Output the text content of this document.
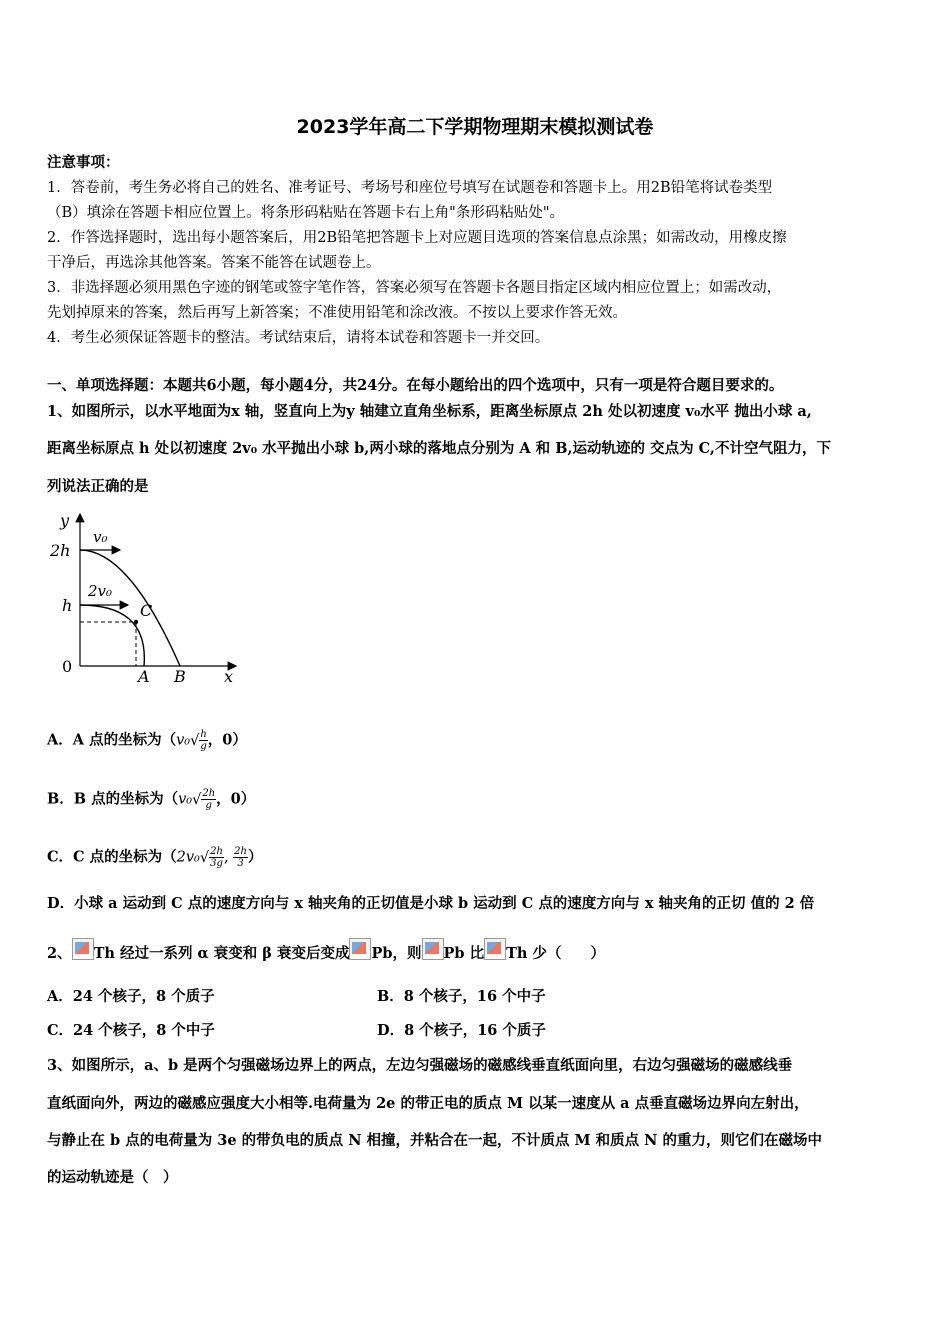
2023学年高二下学期物理期末模拟测试卷
注意事项：
1．答卷前，考生务必将自己的姓名、准考证号、考场号和座位号填写在试题卷和答题卡上。用2B铅笔将试卷类型
（B）填涂在答题卡相应位置上。将条形码粘贴在答题卡右上角"条形码粘贴处"。
2．作答选择题时，选出每小题答案后，用2B铅笔把答题卡上对应题目选项的答案信息点涂黑；如需改动，用橡皮擦
干净后，再选涂其他答案。答案不能答在试题卷上。
3．非选择题必须用黑色字迹的钢笔或签字笔作答，答案必须写在答题卡各题目指定区域内相应位置上；如需改动，
先划掉原来的答案，然后再写上新答案；不准使用铅笔和涂改液。不按以上要求作答无效。
4．考生必须保证答题卡的整洁。考试结束后，请将本试卷和答题卡一并交回。
一、单项选择题：本题共6小题，每小题4分，共24分。在每小题给出的四个选项中，只有一项是符合题目要求的。
1、如图所示，以水平地面为x 轴，竖直向上为y 轴建立直角坐标系，距离坐标原点 2h 处以初速度 v₀水平 抛出小球 a,
距离坐标原点 h 处以初速度 2v₀ 水平抛出小球 b,两小球的落地点分别为 A 和 B,运动轨迹的 交点为 C,不计空气阻力，下
列说法正确的是
y
x
0
2h
h
v₀
2v₀
C
A B
A．A 点的坐标为（$v_0√ \frac{h}{g}$ ，0）
B．B 点的坐标为（$v_0√ \frac{2h}{g}$ ，0）
C．C 点的坐标为（$2v_0√ \frac{2h}{3g}$ , $\frac{2h}{3}$ ）
D．小球 a 运动到 C 点的速度方向与 x 轴夹角的正切值是小球 b 运动到 C 点的速度方向与 x 轴夹角的正切 值的 2 倍
2、 Th 经过一系列 α 衰变和 β 衰变后变成 Pb，则 Pb 比 Th 少（　　）
A．24 个核子，8 个质子	B．8 个核子，16 个中子
C．24 个核子，8 个中子	D．8 个核子，16 个质子
3、如图所示，a、b 是两个匀强磁场边界上的两点，左边匀强磁场的磁感线垂直纸面向里，右边匀强磁场的磁感线垂
直纸面向外，两边的磁感应强度大小相等.电荷量为 2e 的带正电的质点 M 以某一速度从 a 点垂直磁场边界向左射出，
与静止在 b 点的电荷量为 3e 的带负电的质点 N 相撞，并粘合在一起，不计质点 M 和质点 N 的重力，则它们在磁场中
的运动轨迹是（　）
